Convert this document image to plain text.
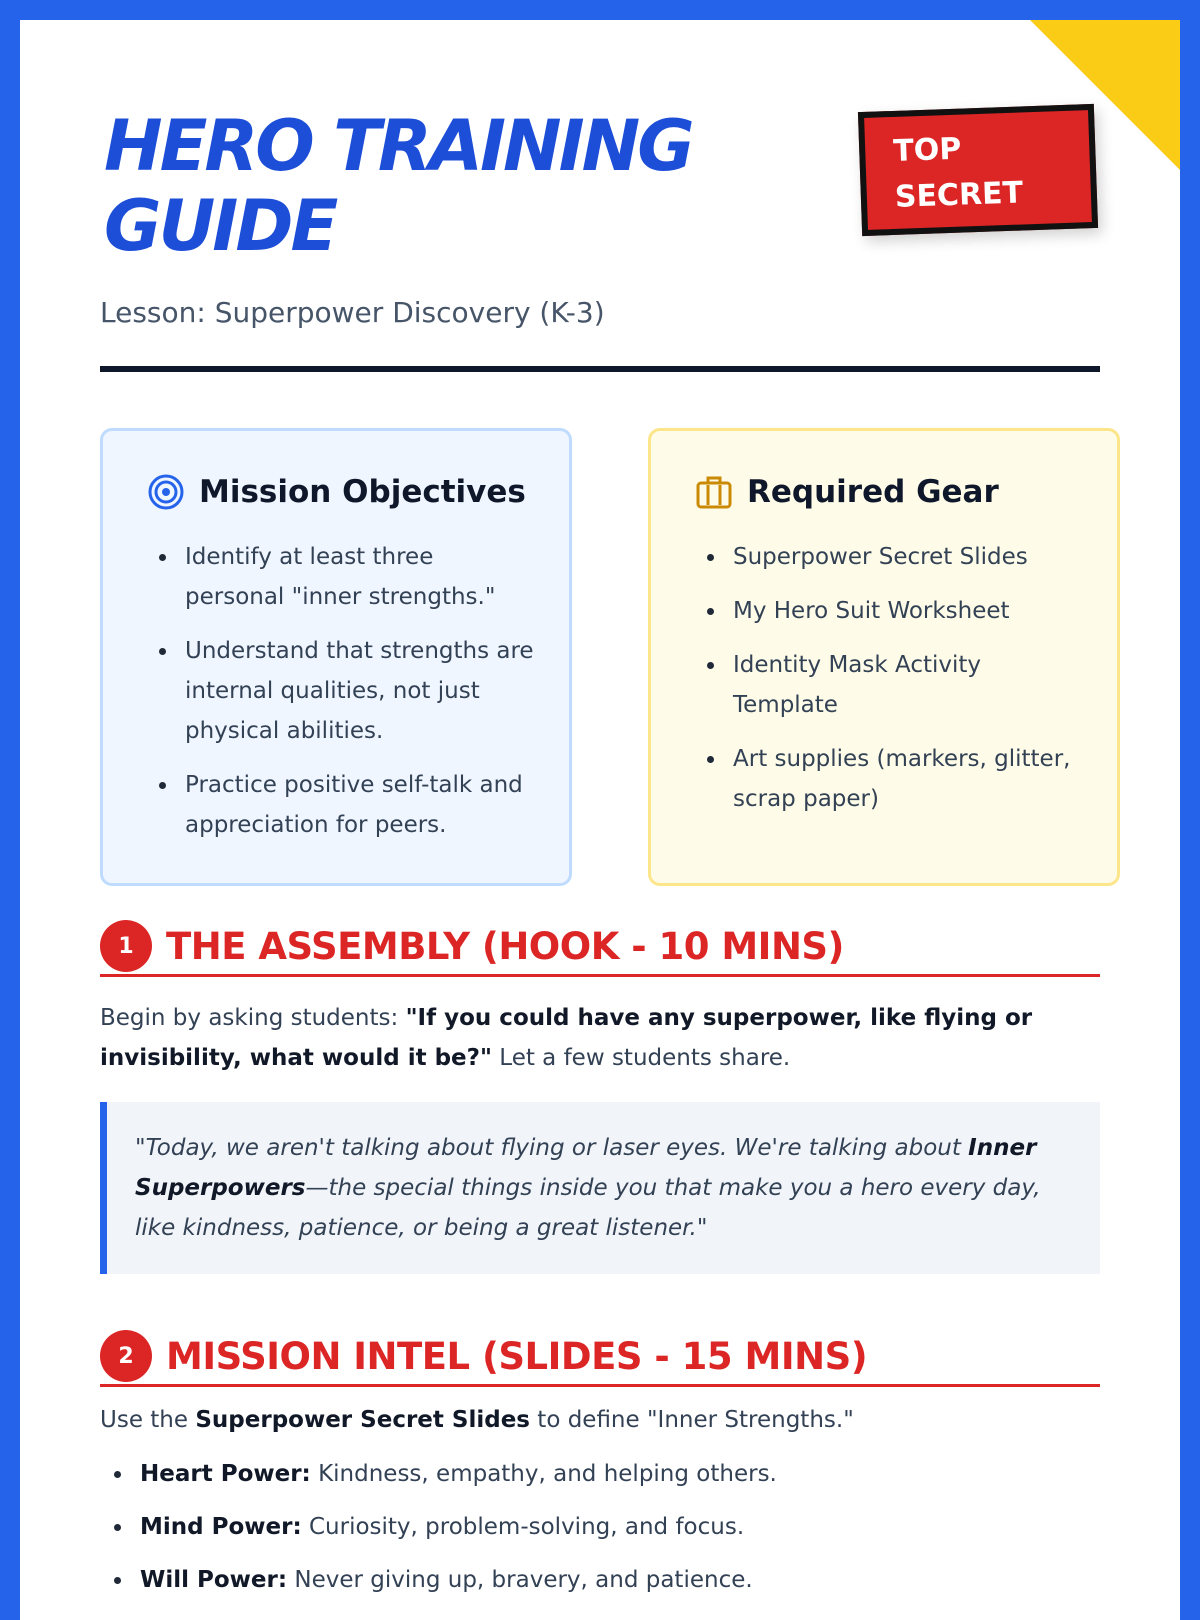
HERO TRAINING GUIDE
TOP
SECRET
Lesson: Superpower Discovery (K-3)
Mission Objectives
Identify at least three personal "inner strengths."
Understand that strengths are internal qualities, not just physical abilities.
Practice positive self-talk and appreciation for peers.
Required Gear
Superpower Secret Slides
My Hero Suit Worksheet
Identity Mask Activity Template
Art supplies (markers, glitter, scrap paper)
1 THE ASSEMBLY (HOOK - 10 MINS)

Begin by asking students: "If you could have any superpower, like flying or invisibility, what would it be?" Let a few students share.

"Today, we aren't talking about flying or laser eyes. We're talking about Inner Superpowers—the special things inside you that make you a hero every day, like kindness, patience, or being a great listener."
2 MISSION INTEL (SLIDES - 15 MINS)

Use the Superpower Secret Slides to define "Inner Strengths."

Heart Power: Kindness, empathy, and helping others.
Mind Power: Curiosity, problem-solving, and focus.
Will Power: Never giving up, bravery, and patience.
